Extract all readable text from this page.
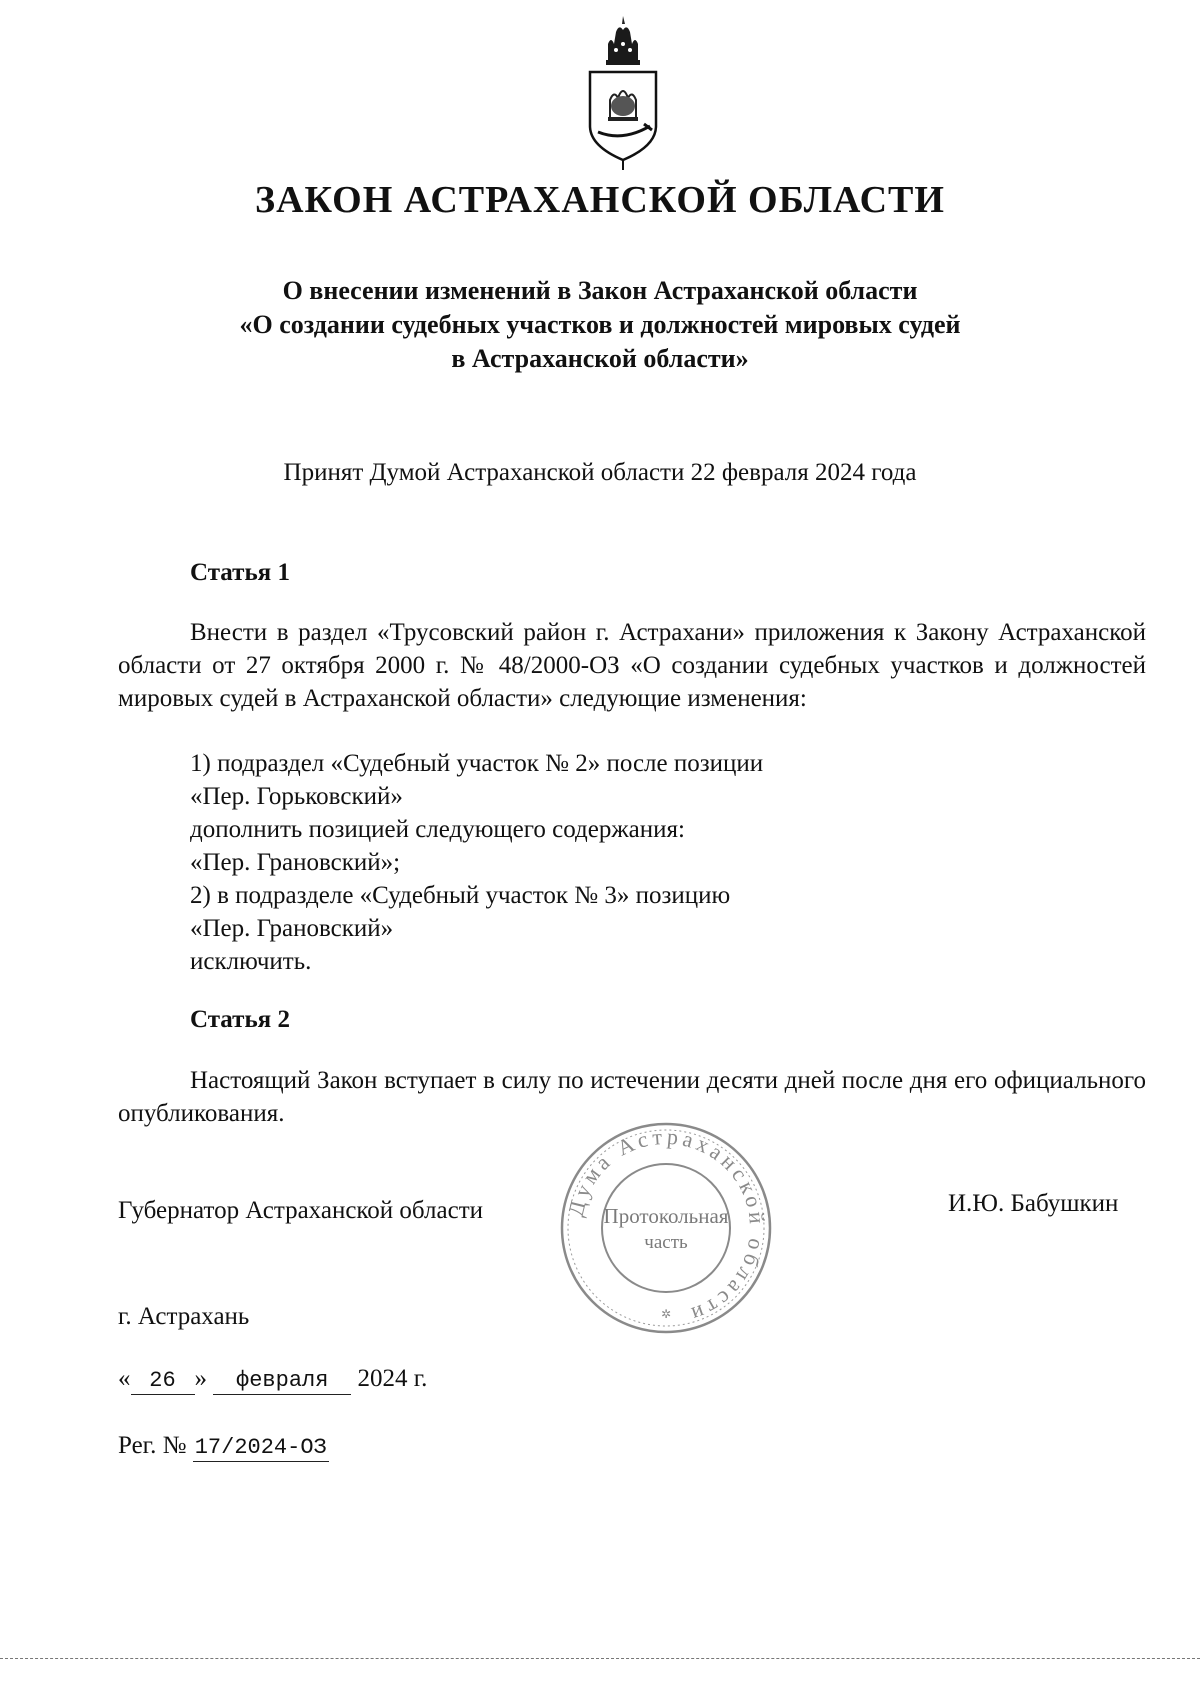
ЗАКОН АСТРАХАНСКОЙ ОБЛАСТИ
О внесении изменений в Закон Астраханской области
«О создании судебных участков и должностей мировых судей
в Астраханской области»
Принят Думой Астраханской области 22 февраля 2024 года
Статья 1
Внести в раздел «Трусовский район г. Астрахани» приложения к Закону Астраханской области от 27 октября 2000 г. № 48/2000-ОЗ «О создании судебных участков и должностей мировых судей в Астраханской области» следующие изменения:
1) подраздел «Судебный участок № 2» после позиции
«Пер. Горьковский»
дополнить позицией следующего содержания:
«Пер. Грановский»;
2) в подразделе «Судебный участок № 3» позицию
«Пер. Грановский»
исключить.
Статья 2
Настоящий Закон вступает в силу по истечении десяти дней после дня его официального опубликования.
Губернатор Астраханской области	И.Ю. Бабушкин
Дума Астраханской области
Протокольная
часть
✲
г. Астрахань
« 26 » февраля 2024 г.
Рег. № 17/2024-ОЗ
